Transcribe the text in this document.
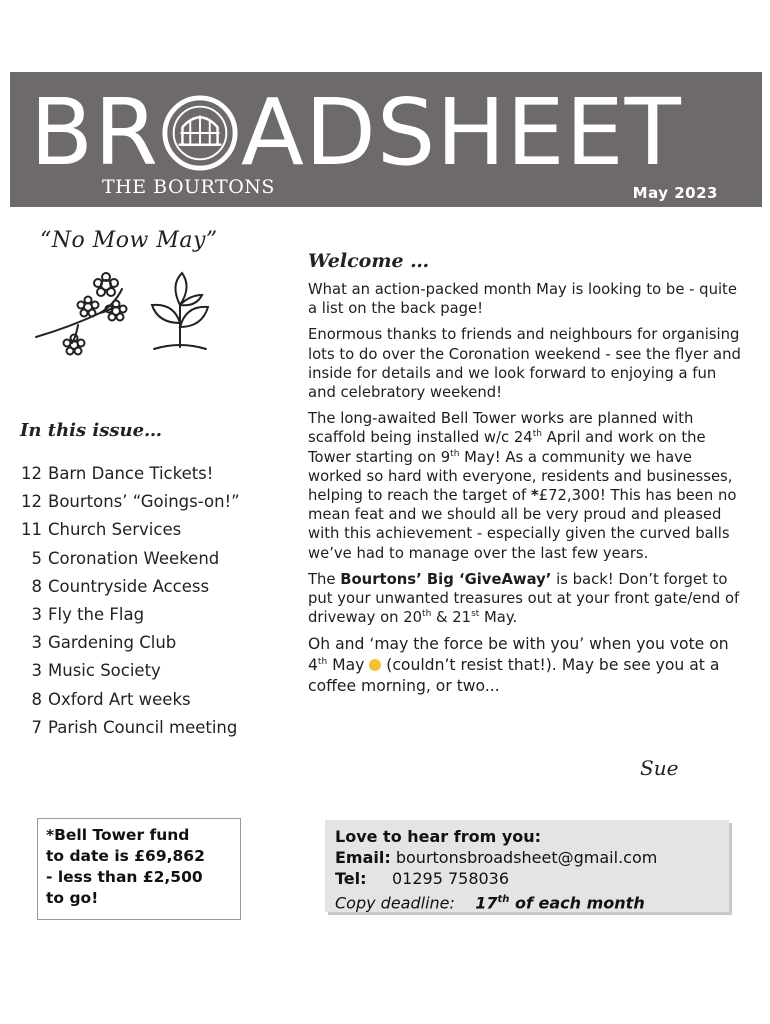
BR ADSHEET
THE BOURTONS	May 2023
“No Mow May”
In this issue…
12 Barn Dance Tickets!
12 Bourtons’ “Goings-on!”
11 Church Services
5 Coronation Weekend
8 Countryside Access
3 Fly the Flag
3 Gardening Club
3 Music Society
8 Oxford Art weeks
7 Parish Council meeting
Welcome …

What an action-packed month May is looking to be - quite a list on the back page!

Enormous thanks to friends and neighbours for organising lots to do over the Coronation weekend - see the flyer and inside for details and we look forward to enjoying a fun and celebratory weekend!

The long-awaited Bell Tower works are planned with scaffold being installed w/c 24th April and work on the Tower starting on 9th May! As a community we have worked so hard with everyone, residents and businesses, helping to reach the target of *£72,300! This has been no mean feat and we should all be very proud and pleased with this achievement - especially given the curved balls we’ve had to manage over the last few years.

The Bourtons’ Big ‘GiveAway’ is back! Don’t forget to put your unwanted treasures out at your front gate/end of driveway on 20th & 21st May.

Oh and ‘may the force be with you’ when you vote on 4th May  (couldn’t resist that!). May be see you at a coffee morning, or two...

Sue
*Bell Tower fund
to date is £69,862
- less than £2,500
to go!
Love to hear from you:
Email: bourtonsbroadsheet@gmail.com
Tel: 01295 758036
Copy deadline: 17th of each month
